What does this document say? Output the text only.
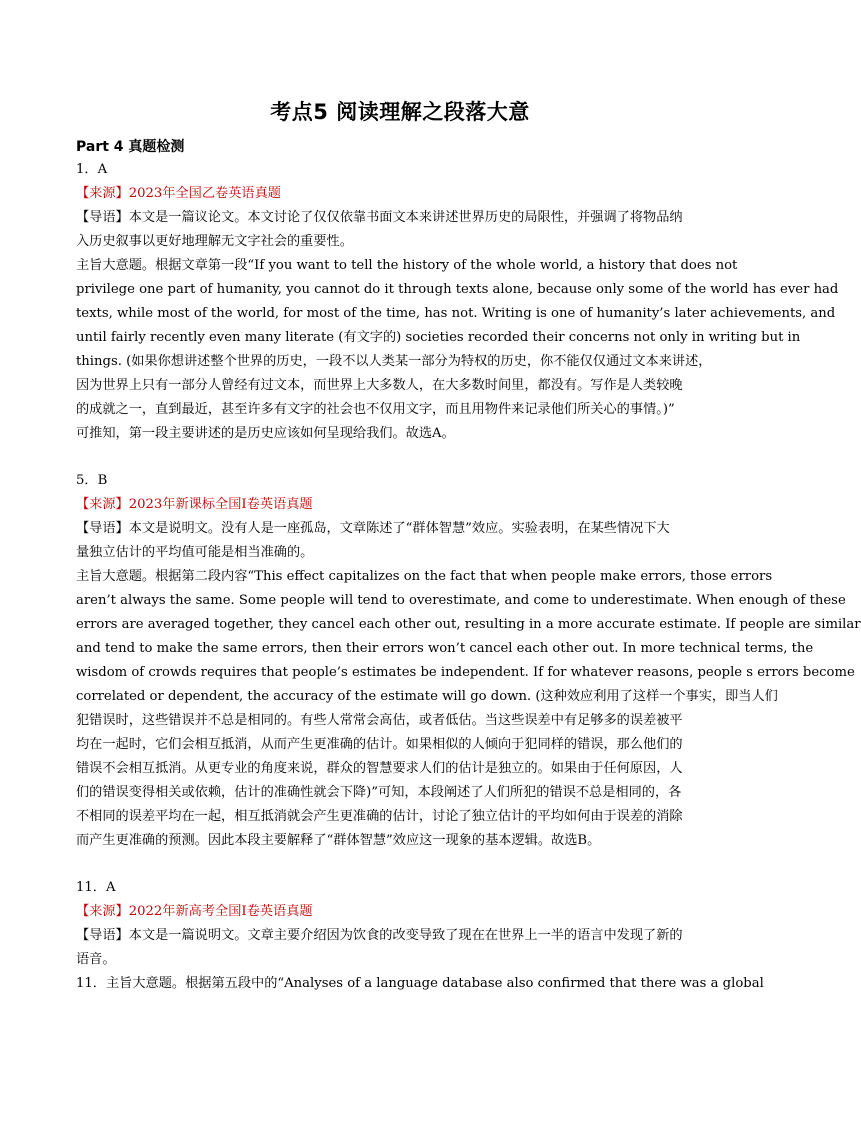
考点5 阅读理解之段落大意
Part 4 真题检测
1．A
【来源】2023年全国乙卷英语真题
【导语】本文是一篇议论文。本文讨论了仅仅依靠书面文本来讲述世界历史的局限性，并强调了将物品纳
入历史叙事以更好地理解无文字社会的重要性。
主旨大意题。根据文章第一段“If you want to tell the history of the whole world, a history that does not
privilege one part of humanity, you cannot do it through texts alone, because only some of the world has ever had
texts, while most of the world, for most of the time, has not. Writing is one of humanity’s later achievements, and
until fairly recently even many literate (有文字的) societies recorded their concerns not only in writing but in
things. (如果你想讲述整个世界的历史，一段不以人类某一部分为特权的历史，你不能仅仅通过文本来讲述，
因为世界上只有一部分人曾经有过文本，而世界上大多数人，在大多数时间里，都没有。写作是人类较晚
的成就之一，直到最近，甚至许多有文字的社会也不仅用文字，而且用物件来记录他们所关心的事情。)”
可推知，第一段主要讲述的是历史应该如何呈现给我们。故选A。
5．B
【来源】2023年新课标全国Ⅰ卷英语真题
【导语】本文是说明文。没有人是一座孤岛，文章陈述了“群体智慧”效应。实验表明，在某些情况下大
量独立估计的平均值可能是相当准确的。
主旨大意题。根据第二段内容“This effect capitalizes on the fact that when people make errors, those errors
aren’t always the same. Some people will tend to overestimate, and come to underestimate. When enough of these
errors are averaged together, they cancel each other out, resulting in a more accurate estimate. If people are similar
and tend to make the same errors, then their errors won’t cancel each other out. In more technical terms, the
wisdom of crowds requires that people’s estimates be independent. If for whatever reasons, people s errors become
correlated or dependent, the accuracy of the estimate will go down. (这种效应利用了这样一个事实，即当人们
犯错误时，这些错误并不总是相同的。有些人常常会高估，或者低估。当这些误差中有足够多的误差被平
均在一起时，它们会相互抵消，从而产生更准确的估计。如果相似的人倾向于犯同样的错误，那么他们的
错误不会相互抵消。从更专业的角度来说，群众的智慧要求人们的估计是独立的。如果由于任何原因，人
们的错误变得相关或依赖，估计的准确性就会下降)”可知，本段阐述了人们所犯的错误不总是相同的，各
不相同的误差平均在一起，相互抵消就会产生更准确的估计，讨论了独立估计的平均如何由于误差的消除
而产生更准确的预测。因此本段主要解释了“群体智慧”效应这一现象的基本逻辑。故选B。
11．A
【来源】2022年新高考全国Ⅰ卷英语真题
【导语】本文是一篇说明文。文章主要介绍因为饮食的改变导致了现在在世界上一半的语言中发现了新的
语音。
11．主旨大意题。根据第五段中的“Analyses of a language database also confirmed that there was a global
